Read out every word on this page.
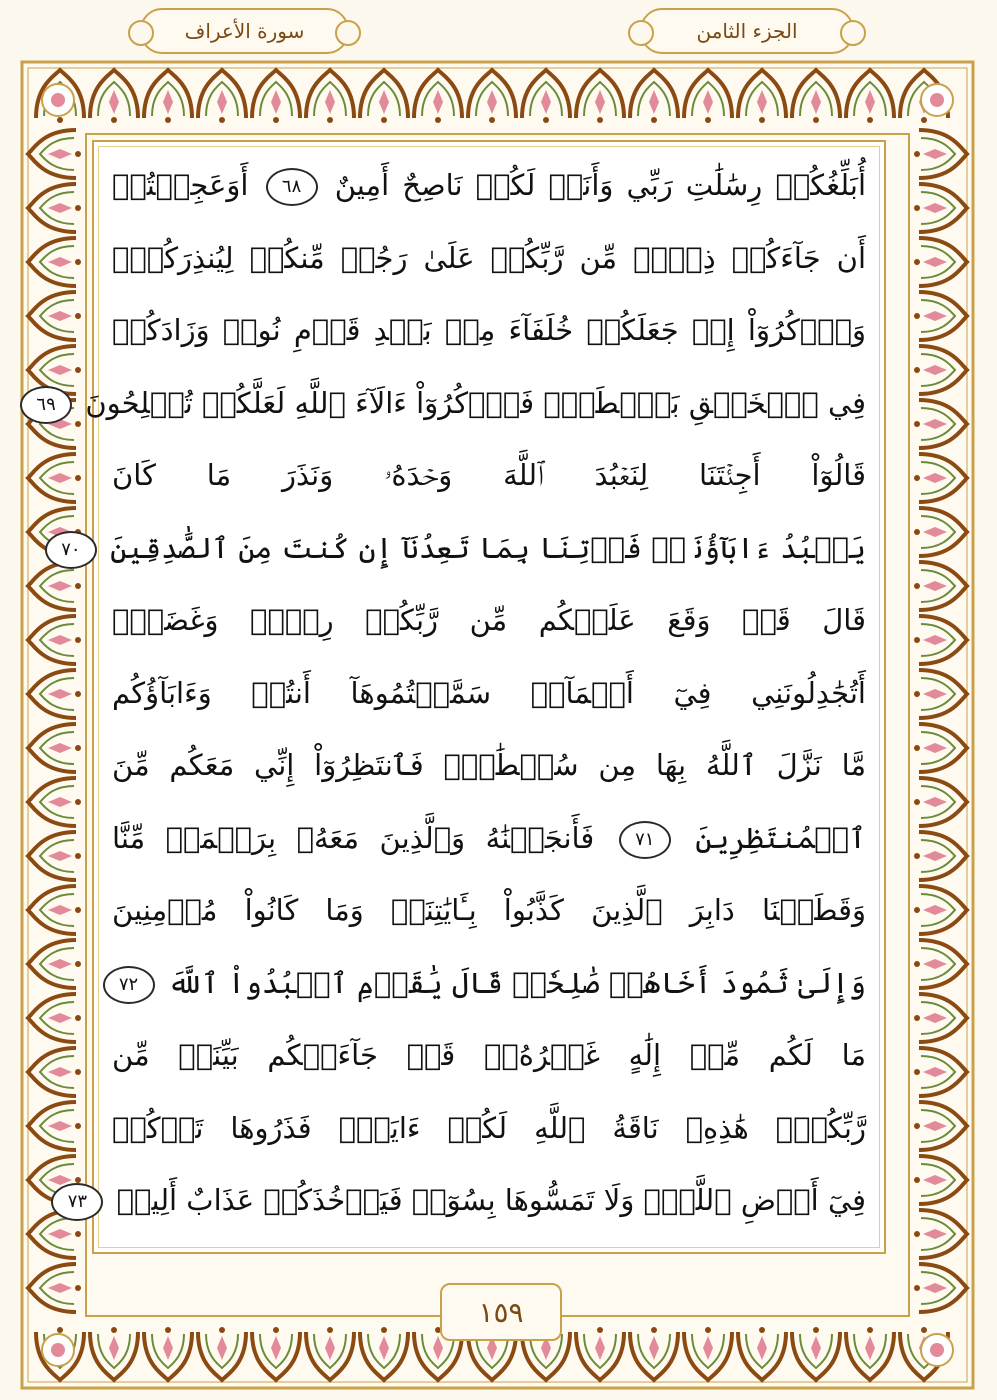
سورة الأعراف	الجزء الثامن
أُبَلِّغُكُمۡ رِسَٰلَٰتِ رَبِّي وَأَنَا۠ لَكُمۡ نَاصِحٌ أَمِينٌ ٦٨ أَوَعَجِبۡتُمۡ
أَن جَآءَكُمۡ ذِكۡرٞ مِّن رَّبِّكُمۡ عَلَىٰ رَجُلٖ مِّنكُمۡ لِيُنذِرَكُمۡۚ
وَٱذۡكُرُوٓاْ إِذۡ جَعَلَكُمۡ خُلَفَآءَ مِنۢ بَعۡدِ قَوۡمِ نُوحٖ وَزَادَكُمۡ
فِي ٱلۡخَلۡقِ بَصۜۡطَةٗۖ فَٱذۡكُرُوٓاْ ءَالَآءَ ٱللَّهِ لَعَلَّكُمۡ تُفۡلِحُونَ ٦٩
قَالُوٓاْ أَجِئۡتَنَا لِنَعۡبُدَ ٱللَّهَ وَحۡدَهُۥ وَنَذَرَ مَا كَانَ
يَعۡبُدُ ءَابَآؤُنَاۖ فَأۡتِنَا بِمَا تَعِدُنَآ إِن كُنتَ مِنَ ٱلصَّٰدِقِينَ ٧٠
قَالَ قَدۡ وَقَعَ عَلَيۡكُم مِّن رَّبِّكُمۡ رِجۡسٞ وَغَضَبٌۖ
أَتُجَٰدِلُونَنِي فِيٓ أَسۡمَآءٖ سَمَّيۡتُمُوهَآ أَنتُمۡ وَءَابَآؤُكُم
مَّا نَزَّلَ ٱللَّهُ بِهَا مِن سُلۡطَٰنٖۚ فَٱنتَظِرُوٓاْ إِنِّي مَعَكُم مِّنَ
ٱلۡمُنتَظِرِينَ ٧١ فَأَنجَيۡنَٰهُ وَٱلَّذِينَ مَعَهُۥ بِرَحۡمَةٖ مِّنَّا
وَقَطَعۡنَا دَابِرَ ٱلَّذِينَ كَذَّبُواْ بِـَٔايَٰتِنَاۖ وَمَا كَانُواْ مُؤۡمِنِينَ
وَإِلَىٰ ثَمُودَ أَخَاهُمۡ صَٰلِحٗاۗ قَالَ يَٰقَوۡمِ ٱعۡبُدُواْ ٱللَّهَ ٧٢
مَا لَكُم مِّنۡ إِلَٰهٍ غَيۡرُهُۥۖ قَدۡ جَآءَتۡكُم بَيِّنَةٞ مِّن
رَّبِّكُمۡۖ هَٰذِهِۦ نَاقَةُ ٱللَّهِ لَكُمۡ ءَايَةٗۖ فَذَرُوهَا تَأۡكُلۡ
فِيٓ أَرۡضِ ٱللَّهِۖ وَلَا تَمَسُّوهَا بِسُوٓءٖ فَيَأۡخُذَكُمۡ عَذَابٌ أَلِيمٞ ٧٣
١٥٩
